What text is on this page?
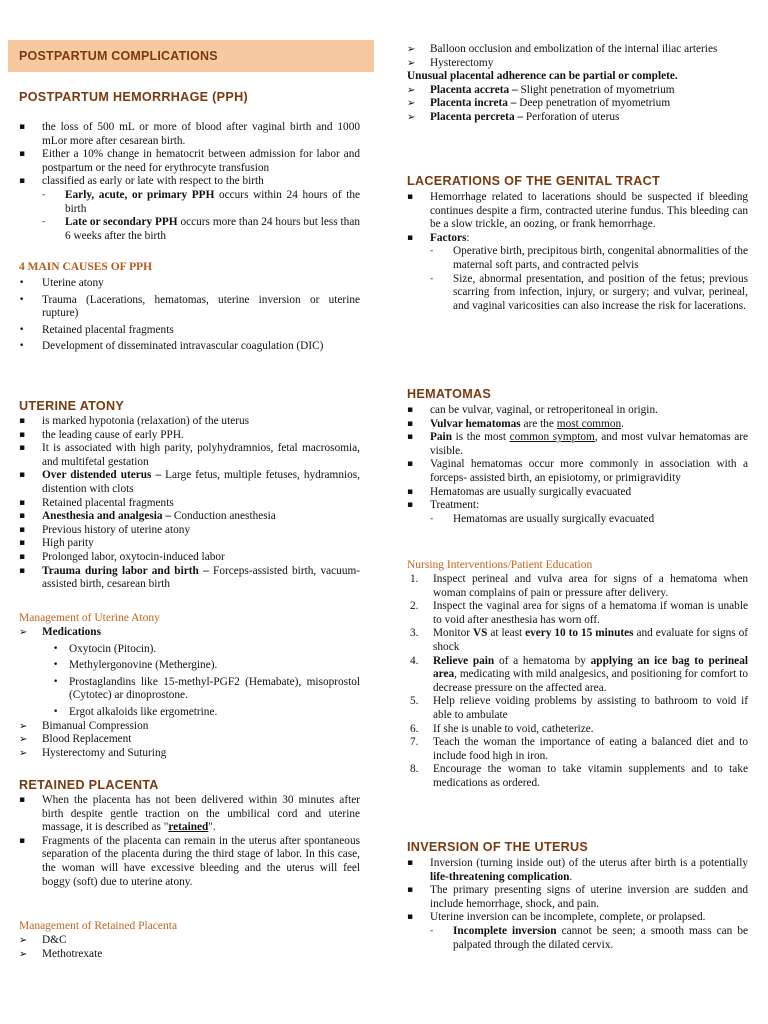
POSTPARTUM COMPLICATIONS
POSTPARTUM HEMORRHAGE (PPH)
▪ the loss of 500 mL or more of blood after vaginal birth and 1000 mLor more after cesarean birth.
▪ Either a 10% change in hematocrit between admission for labor and postpartum or the need for erythrocyte transfusion
▪ classified as early or late with respect to the birth
- Early, acute, or primary PPH occurs within 24 hours of the birth
- Late or secondary PPH occurs more than 24 hours but less than 6 weeks after the birth
4 MAIN CAUSES OF PPH
• Uterine atony
• Trauma (Lacerations, hematomas, uterine inversion or uterine rupture)
• Retained placental fragments
• Development of disseminated intravascular coagulation (DIC)
UTERINE ATONY
▪ is marked hypotonia (relaxation) of the uterus
▪ the leading cause of early PPH.
▪ It is associated with high parity, polyhydramnios, fetal macrosomia, and multifetal gestation
▪ Over distended uterus – Large fetus, multiple fetuses, hydramnios, distention with clots
▪ Retained placental fragments
▪ Anesthesia and analgesia – Conduction anesthesia
▪ Previous history of uterine atony
▪ High parity
▪ Prolonged labor, oxytocin-induced labor
▪ Trauma during labor and birth – Forceps-assisted birth, vacuum-assisted birth, cesarean birth
Management of Uterine Atony
➢ Medications
• Oxytocin (Pitocin).
• Methylergonovine (Methergine).
• Prostaglandins like 15-methyl-PGF2 (Hemabate), misoprostol (Cytotec) ar dinoprostone.
• Ergot alkaloids like ergometrine.
➢ Bimanual Compression
➢ Blood Replacement
➢ Hysterectomy and Suturing
RETAINED PLACENTA
▪ When the placenta has not been delivered within 30 minutes after birth despite gentle traction on the umbilical cord and uterine massage, it is described as "retained".
▪ Fragments of the placenta can remain in the uterus after spontaneous separation of the placenta during the third stage of labor. In this case, the woman will have excessive bleeding and the uterus will feel boggy (soft) due to uterine atony.
Management of Retained Placenta
➢ D&C
➢ Methotrexate
➢ Balloon occlusion and embolization of the internal iliac arteries
➢ Hysterectomy
Unusual placental adherence can be partial or complete.
➢ Placenta accreta – Slight penetration of myometrium
➢ Placenta increta – Deep penetration of myometrium
➢ Placenta percreta – Perforation of uterus
LACERATIONS OF THE GENITAL TRACT
▪ Hemorrhage related to lacerations should be suspected if bleeding continues despite a firm, contracted uterine fundus. This bleeding can be a slow trickle, an oozing, or frank hemorrhage.
▪ Factors:
- Operative birth, precipitous birth, congenital abnormalities of the maternal soft parts, and contracted pelvis
- Size, abnormal presentation, and position of the fetus; previous scarring from infection, injury, or surgery; and vulvar, perineal, and vaginal varicosities can also increase the risk for lacerations.
HEMATOMAS
▪ can be vulvar, vaginal, or retroperitoneal in origin.
▪ Vulvar hematomas are the most common.
▪ Pain is the most common symptom, and most vulvar hematomas are visible.
▪ Vaginal hematomas occur more commonly in association with a forceps- assisted birth, an episiotomy, or primigravidity
▪ Hematomas are usually surgically evacuated
▪ Treatment:
- Hematomas are usually surgically evacuated
Nursing Interventions/Patient Education
1. Inspect perineal and vulva area for signs of a hematoma when woman complains of pain or pressure after delivery.
2. Inspect the vaginal area for signs of a hematoma if woman is unable to void after anesthesia has worn off.
3. Monitor VS at least every 10 to 15 minutes and evaluate for signs of shock
4. Relieve pain of a hematoma by applying an ice bag to perineal area, medicating with mild analgesics, and positioning for comfort to decrease pressure on the affected area.
5. Help relieve voiding problems by assisting to bathroom to void if able to ambulate
6. If she is unable to void, catheterize.
7. Teach the woman the importance of eating a balanced diet and to include food high in iron.
8. Encourage the woman to take vitamin supplements and to take medications as ordered.
INVERSION OF THE UTERUS
▪ Inversion (turning inside out) of the uterus after birth is a potentially life-threatening complication.
▪ The primary presenting signs of uterine inversion are sudden and include hemorrhage, shock, and pain.
▪ Uterine inversion can be incomplete, complete, or prolapsed.
- Incomplete inversion cannot be seen; a smooth mass can be palpated through the dilated cervix.
